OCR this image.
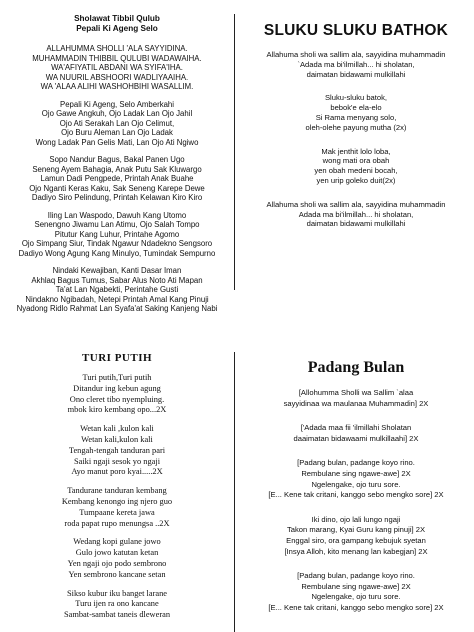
Sholawat Tibbil Qulub
Pepali Ki Ageng Selo
ALLAHUMMA SHOLLI 'ALA SAYYIDINA.
MUHAMMADIN THIBBIL QULUBI WADAWAIHA.
WA'AFIYATIL ABDANI WA SYIFA'IHA.
WA NUURIL ABSHOORI WADLIYAAIHA.
WA 'ALAA ALIHI WASHOHBIHI WASALLIM.
Pepali Ki Ageng, Selo Amberkahi
Ojo Gawe Angkuh, Ojo Ladak Lan Ojo Jahil
Ojo Ati Serakah Lan Ojo Celimut,
Ojo Buru Aleman Lan Ojo Ladak
Wong Ladak Pan Gelis Mati, Lan Ojo Ati Ngiwo
Sopo Nandur Bagus, Bakal Panen Ugo
Seneng Ayem Bahagia, Anak Putu Sak Kluwargo
Lamun Dadi Pengpede, Printah Anak Buahe
Ojo Nganti Keras Kaku, Sak Seneng Karepe Dewe
Dadiyo Siro Pelindung, Printah Kelawan Kiro Kiro
Iling Lan Waspodo, Dawuh Kang Utomo
Senengno Jiwamu Lan Atimu, Ojo Salah Tompo
Pitutur Kang Luhur, Printahe Agomo
Ojo Simpang Siur, Tindak Ngawur Ndadekno Sengsoro
Dadiyo Wong Agung Kang Minulyo, Tumindak Sempurno
Nindaki Kewajiban, Kanti Dasar Iman
Akhlaq Bagus Tumus, Sabar Alus Noto Ati Mapan
Ta'at Lan Ngabekti, Perintahe Gusti
Nindakno Ngibadah, Netepi Printah Amal Kang Pinuji
Nyadong Ridlo Rahmat Lan Syafa'at Saking Kanjeng Nabi
SLUKU SLUKU BATHOK
Allahuma sholi wa sallim ala, sayyidina muhammadin
`Adada ma bi'ilmillah... hi sholatan,
daimatan bidawami mulkillahi
Sluku-sluku batok,
bebok'e ela-elo
Si Rama menyang solo,
oleh-olehe payung mutha (2x)
Mak jenthit lolo loba,
wong mati ora obah
yen obah medeni bocah,
yen urip goleko duit(2x)
Allahuma sholi wa sallim ala, sayyidina muhammadin
Adada ma bi'ilmillah... hi sholatan,
daimatan bidawami mulkillahi
TURI PUTIH
Turi putih,Turi putih
Ditandur ing kebun agung
Ono cleret tibo nyempluing.
mbok kiro kembang opo...2X
Wetan kali ,kulon kali
Wetan kali,kulon kali
Tengah-tengah tanduran pari
Saiki ngaji sesok yo ngaji
Ayo manut poro kyai.....2X
Tandurane tanduran kembang
Kembang kenongo ing njero guo
Tumpaane kereta jawa
roda papat rupo menungsa ..2X
Wedang kopi gulane jowo
Gulo jowo katutan ketan
Yen ngaji ojo podo sembrono
Yen sembrono kancane setan
Sikso kubur iku banget larane
Turu ijen ra ono kancane
Sambat-sambat taneis dleweran
Padang Bulan
[Allohumma Sholli wa Sallim `alaa
sayyidinaa wa maulanaa Muhammadin] 2X
['Adada maa fii 'ilmillahi Sholatan
daaimatan bidawaami mulkillaahi] 2X
[Padang bulan, padange koyo rino.
Rembulane sing ngawe-awe] 2X
Ngelengake, ojo turu sore.
[E... Kene tak critani, kanggo sebo mengko sore] 2X
Iki dino, ojo lali lungo ngaji
Takon marang, Kyai Guru kang pinuji] 2X
Enggal siro, ora gampang kebujuk syetan
[Insya Alloh, kito menang lan kabegjan] 2X
[Padang bulan, padange koyo rino.
Rembulane sing ngawe-awe] 2X
Ngelengake, ojo turu sore.
[E... Kene tak critani, kanggo sebo mengko sore] 2X
